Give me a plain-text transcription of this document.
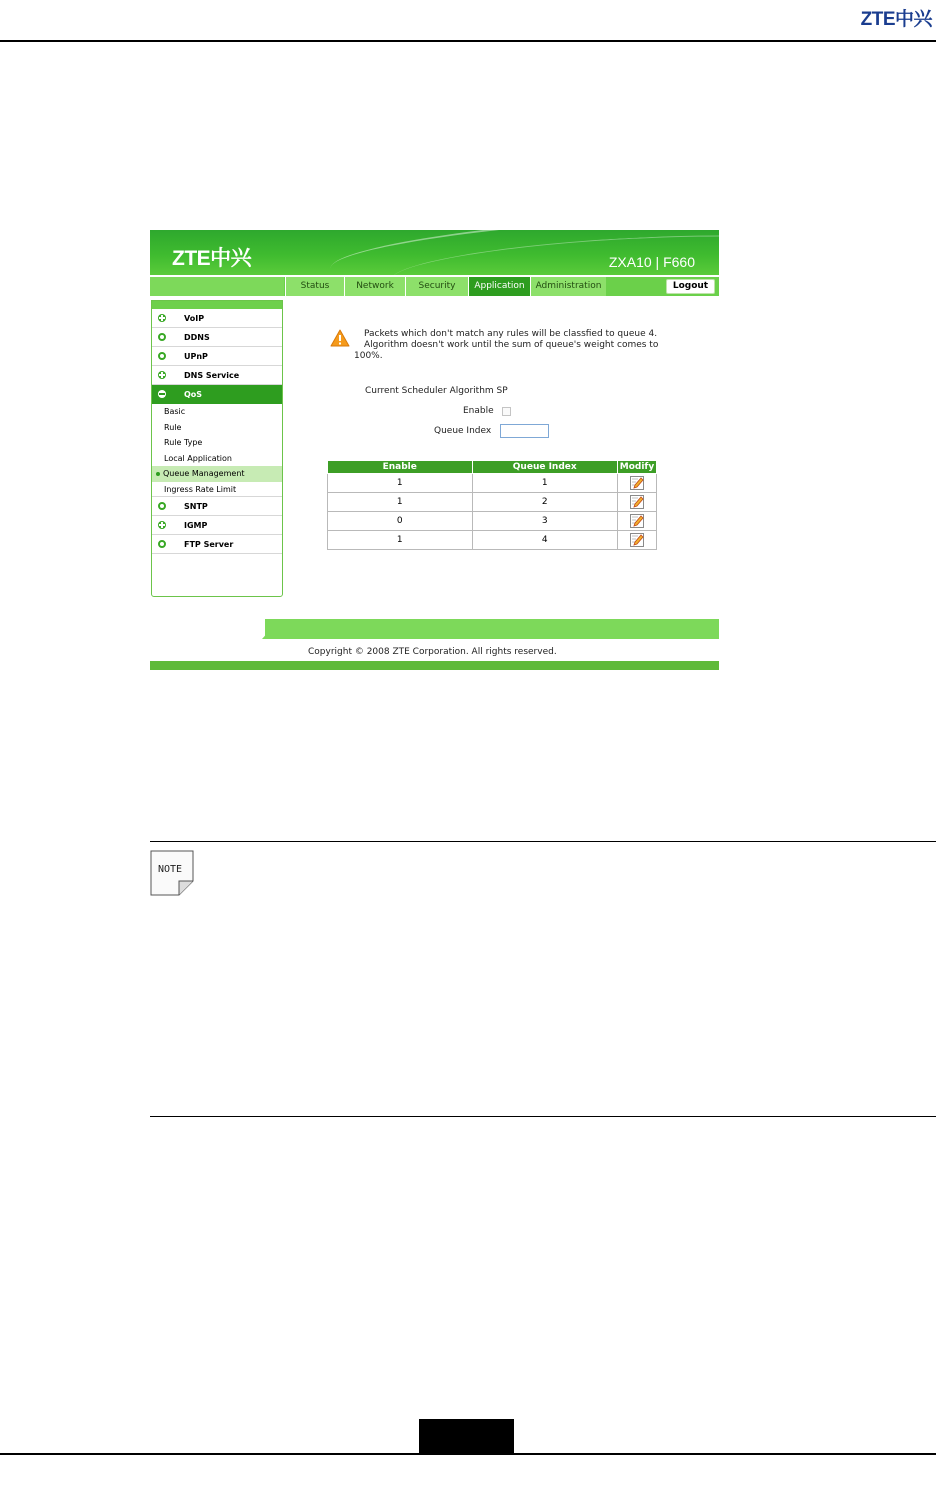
ZTE中兴
ZTE中兴	ZXA10 | F660
Status	Network	Security	Application	Administration	Logout
VoIP
DDNS
UPnP
DNS Service
QoS
Basic
Rule
Rule Type
Local Application
Queue Management
Ingress Rate Limit
SNTP
IGMP
FTP Server
Packets which don't match any rules will be classfied to queue 4.
Algorithm doesn't work until the sum of queue's weight comes to
100%.
Current Scheduler Algorithm SP
Enable
Queue Index
Enable	Queue Index	Modify
1	1	
1	2	
0	3	
1	4	
Copyright © 2008 ZTE Corporation. All rights reserved.
NOTE
